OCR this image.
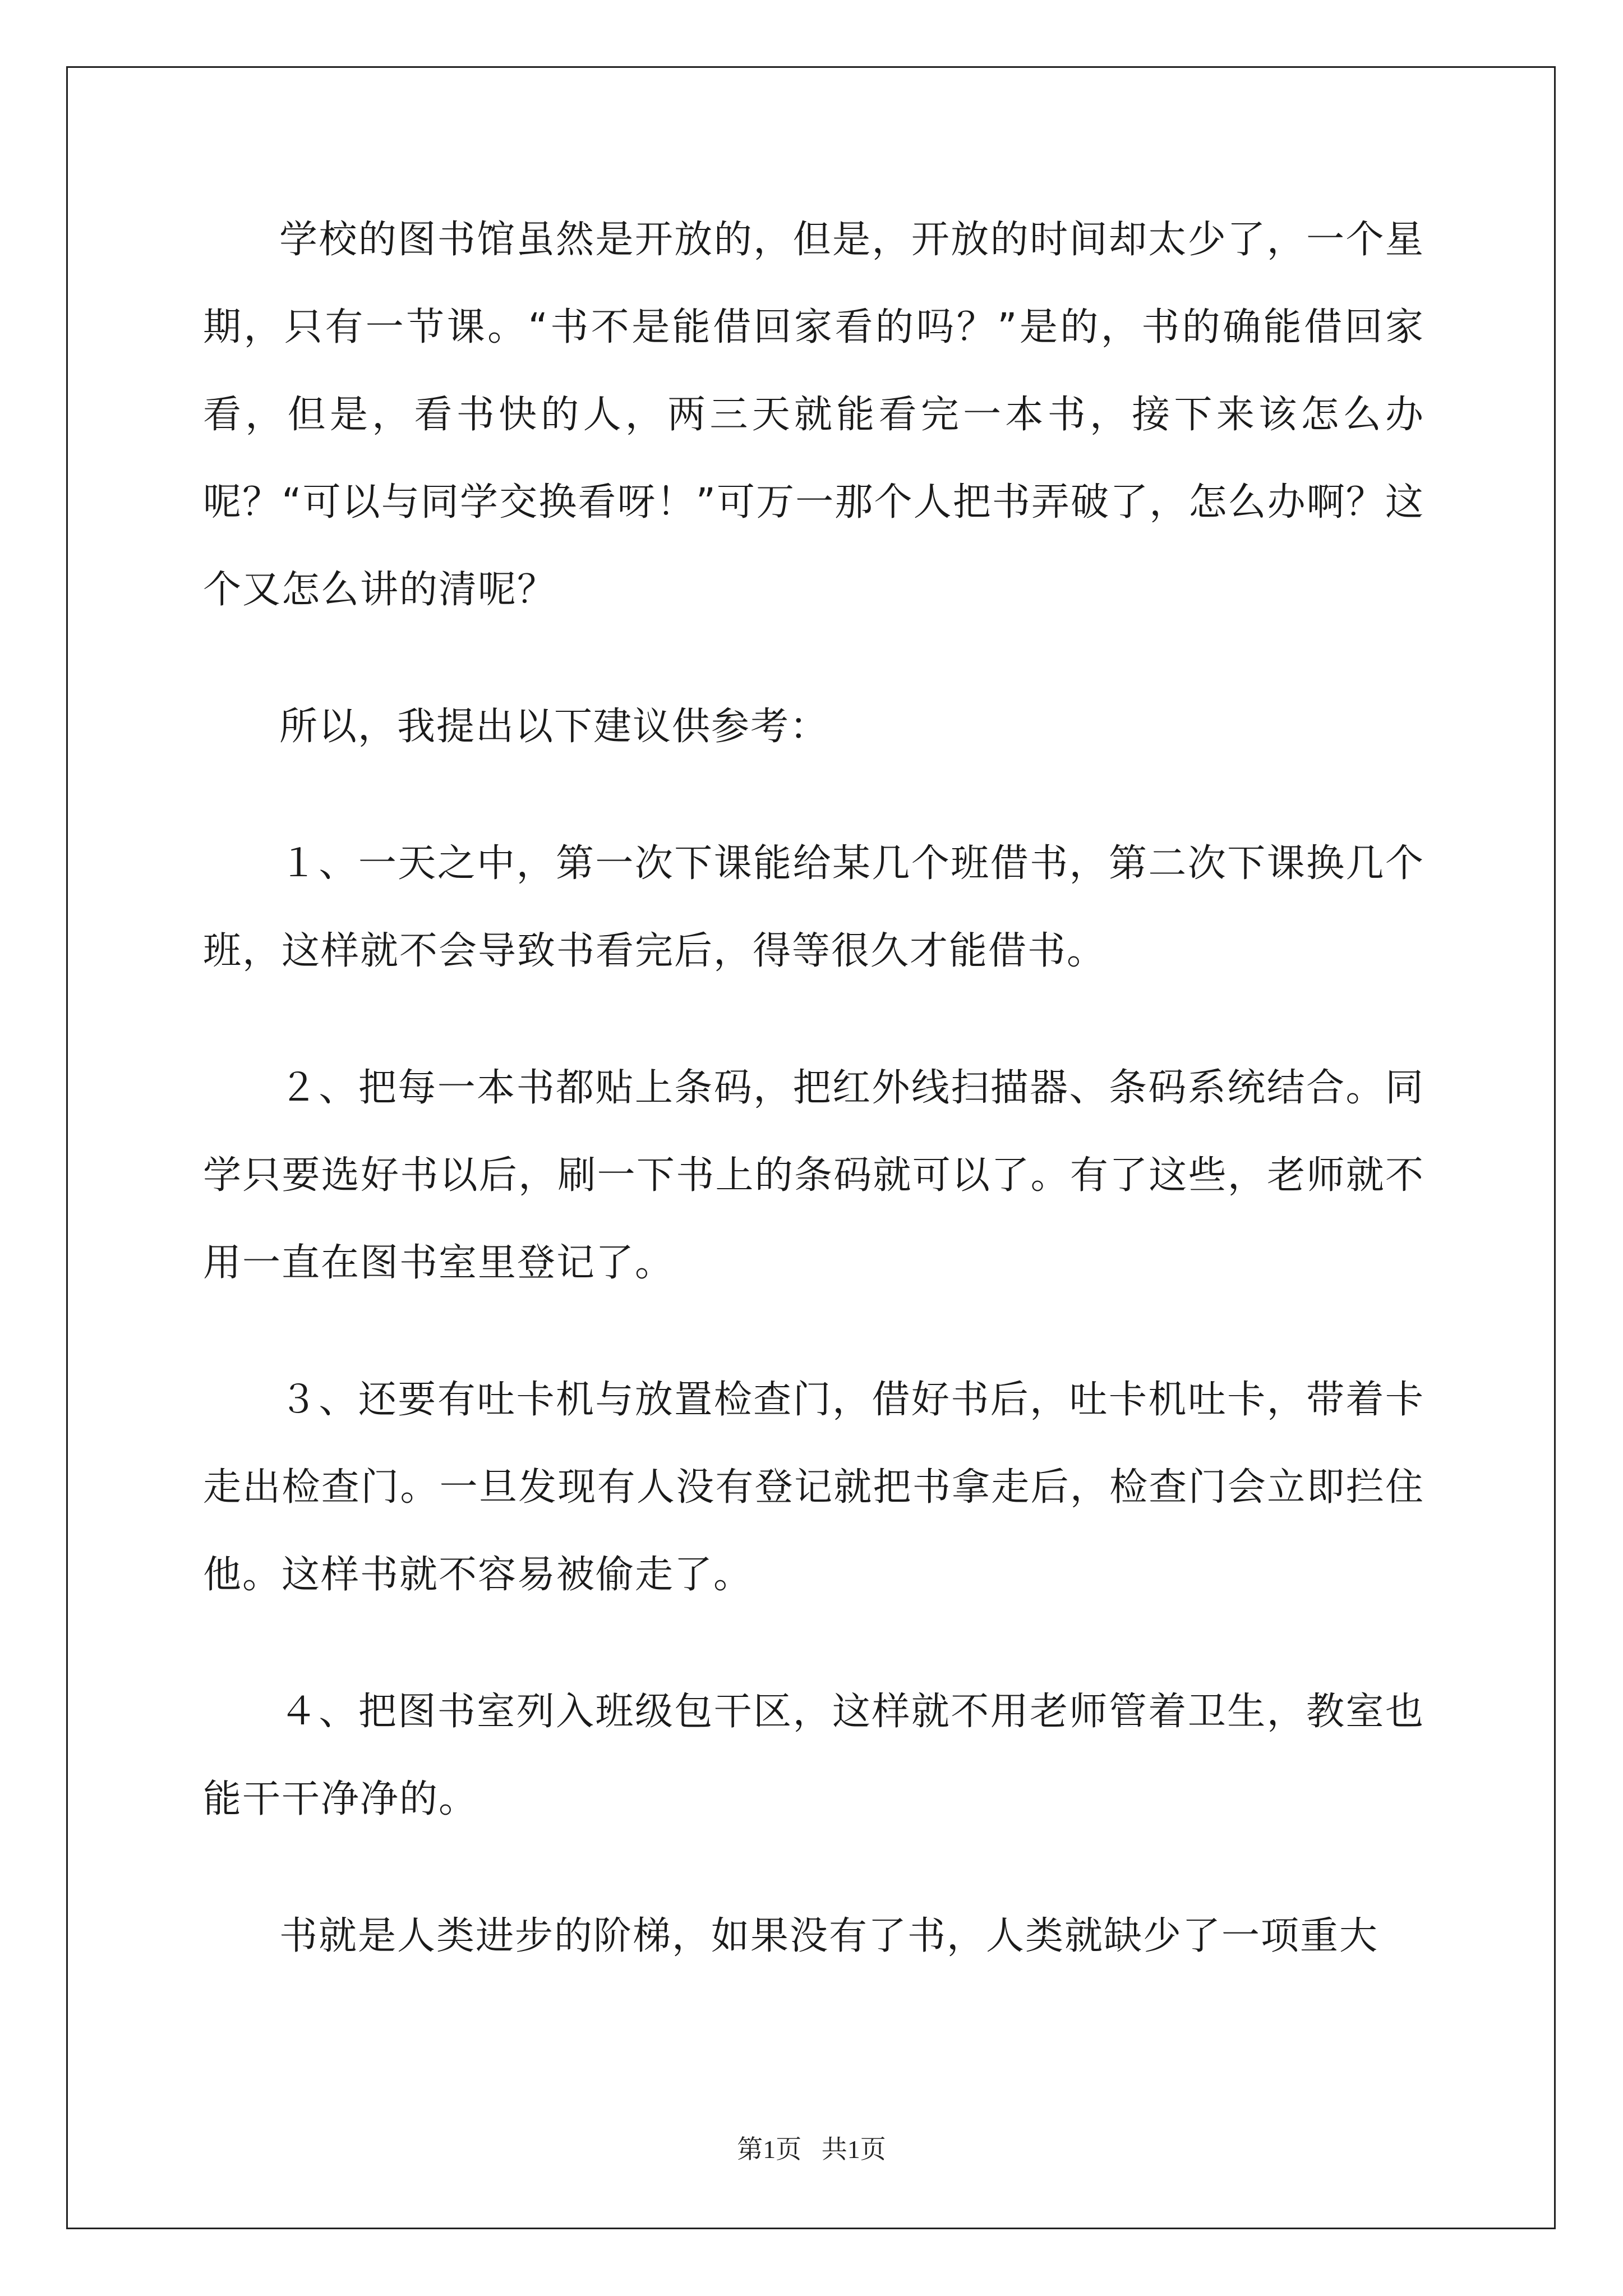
学校的图书馆虽然是开放的，但是，开放的时间却太少了，一个星期，只有一节课。“书不是能借回家看的吗？”是的，书的确能借回家看，但是，看书快的人，两三天就能看完一本书，接下来该怎么办呢？“可以与同学交换看呀！”可万一那个人把书弄破了，怎么办啊？这个又怎么讲的清呢？

所以，我提出以下建议供参考：

１、一天之中，第一次下课能给某几个班借书，第二次下课换几个班，这样就不会导致书看完后，得等很久才能借书。

２、把每一本书都贴上条码，把红外线扫描器、条码系统结合。同学只要选好书以后，刷一下书上的条码就可以了。有了这些，老师就不用一直在图书室里登记了。

３、还要有吐卡机与放置检查门，借好书后，吐卡机吐卡，带着卡走出检查门。一旦发现有人没有登记就把书拿走后，检查门会立即拦住他。这样书就不容易被偷走了。

４、把图书室列入班级包干区，这样就不用老师管着卫生，教室也能干干净净的。

书就是人类进步的阶梯，如果没有了书，人类就缺少了一项重大

第1页 共1页
